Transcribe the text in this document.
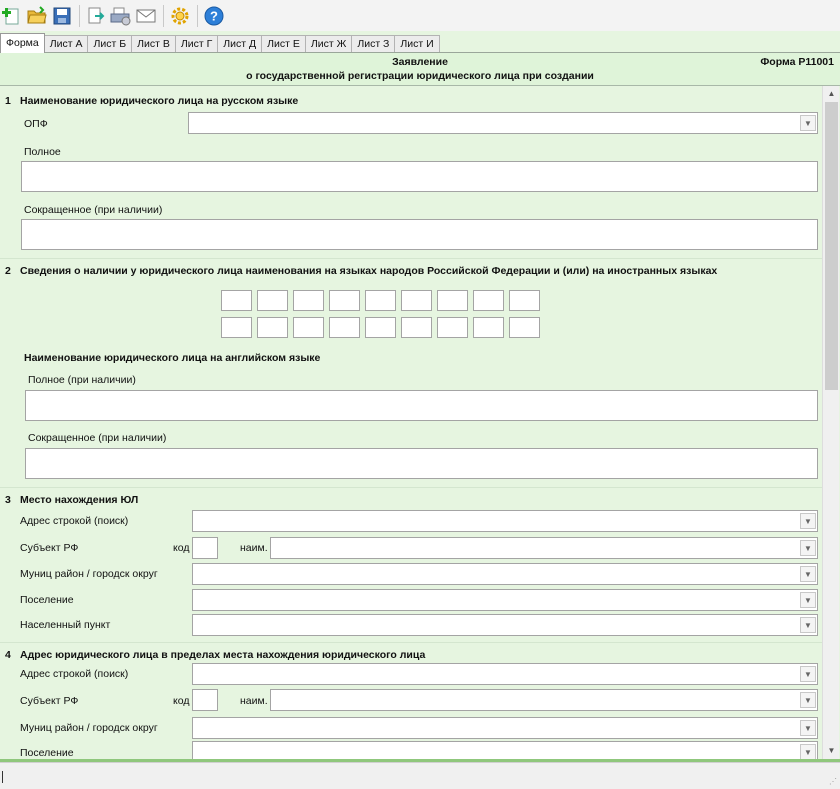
?
Форма	Лист А	Лист Б	Лист В	Лист Г	Лист Д	Лист Е	Лист Ж	Лист З	Лист И
Заявление
о государственной регистрации юридического лица при создании
Форма Р11001
1 Наименование юридического лица на русском языке
ОПФ	▼
Полное
Сокращенное (при наличии)
2 Сведения о наличии у юридического лица наименования на языках народов Российской Федерации и (или) на иностранных языках
Наименование юридического лица на английском языке
Полное (при наличии)
Сокращенное (при наличии)
3 Место нахождения ЮЛ
Адрес строкой (поиск)	▼
Субъект РФ	код	наим.	▼
Муниц район / городск округ	▼
Поселение	▼
Населенный пункт	▼
4 Адрес юридического лица в пределах места нахождения юридического лица
Адрес строкой (поиск)	▼
Субъект РФ	код	наим.	▼
Муниц район / городск округ	▼
Поселение	▼
▲
▼
⋰
